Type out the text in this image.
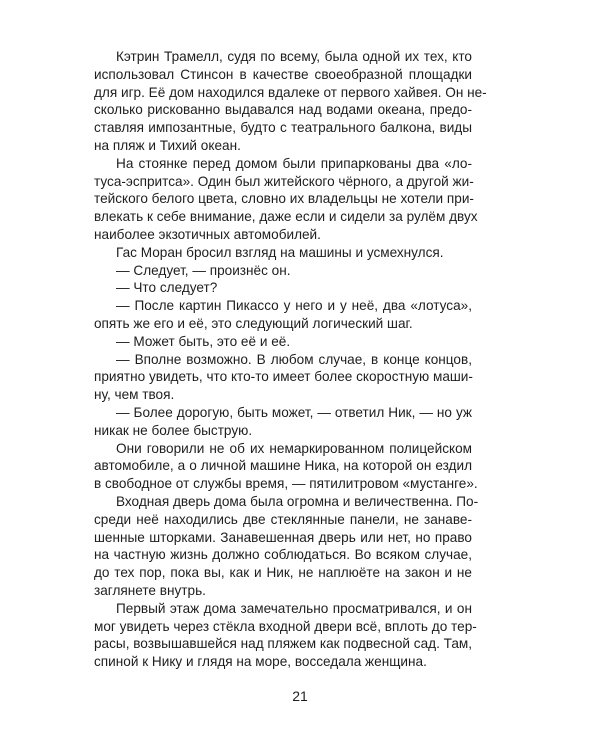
Кэтрин Трамелл, судя по всему, была одной их тех, кто
использовал Стинсон в качестве своеобразной площадки
для игр. Её дом находился вдалеке от первого хайвея. Он не-
сколько рискованно выдавался над водами океана, предо-
ставляя импозантные, будто с театрального балкона, виды
на пляж и Тихий океан.
На стоянке перед домом были припаркованы два «ло-
туса-эспритса». Один был житейского чёрного, а другой жи-
тейского белого цвета, словно их владельцы не хотели при-
влекать к себе внимание, даже если и сидели за рулём двух
наиболее экзотичных автомобилей.
Гас Моран бросил взгляд на машины и усмехнулся.
— Следует, — произнёс он.
— Что следует?
— После картин Пикассо у него и у неё, два «лотуса»,
опять же его и её, это следующий логический шаг.
— Может быть, это её и её.
— Вполне возможно. В любом случае, в конце концов,
приятно увидеть, что кто-то имеет более скоростную маши-
ну, чем твоя.
— Более дорогую, быть может, — ответил Ник, — но уж
никак не более быструю.
Они говорили не об их немаркированном полицейском
автомобиле, а о личной машине Ника, на которой он ездил
в свободное от службы время, — пятилитровом «мустанге».
Входная дверь дома была огромна и величественна. По-
среди неё находились две стеклянные панели, не занаве-
шенные шторками. Занавешенная дверь или нет, но право
на частную жизнь должно соблюдаться. Во всяком случае,
до тех пор, пока вы, как и Ник, не наплюёте на закон и не
заглянете внутрь.
Первый этаж дома замечательно просматривался, и он
мог увидеть через стёкла входной двери всё, вплоть до тер-
расы, возвышавшейся над пляжем как подвесной сад. Там,
спиной к Нику и глядя на море, восседала женщина.
21
